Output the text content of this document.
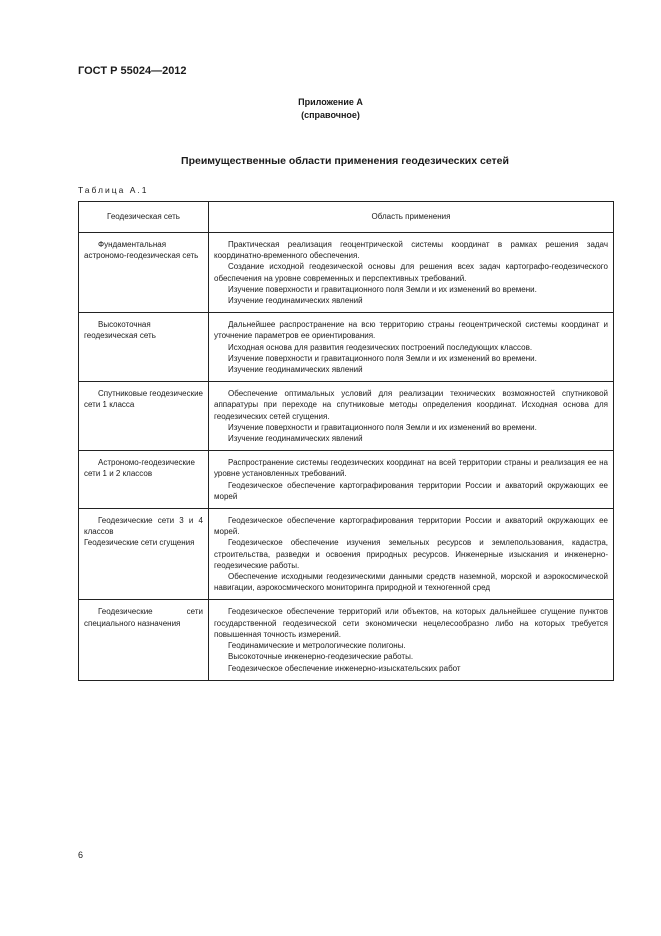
ГОСТ Р 55024—2012
Приложение А
(справочное)
Преимущественные области применения геодезических сетей
Таблица А.1
Геодезическая сеть	Область применения

Фундаментальная астрономо-геодезическая сеть	Практическая реализация геоцентрической системы координат в рамках решения задач координатно-временного обеспечения.
Создание исходной геодезической основы для решения всех задач картографо-геодезического обеспечения на уровне современных и перспективных требований.
Изучение поверхности и гравитационного поля Земли и их изменений во времени.
Изучение геодинамических явлений

Высокоточная геодезическая сеть	Дальнейшее распространение на всю территорию страны геоцентрической системы координат и уточнение параметров ее ориентирования.
Исходная основа для развития геодезических построений последующих классов.
Изучение поверхности и гравитационного поля Земли и их изменений во времени.
Изучение геодинамических явлений

Спутниковые геодезические сети 1 класса	Обеспечение оптимальных условий для реализации технических возможностей спутниковой аппаратуры при переходе на спутниковые методы определения координат. Исходная основа для геодезических сетей сгущения.
Изучение поверхности и гравитационного поля Земли и их изменений во времени.
Изучение геодинамических явлений

Астрономо-геодезические сети 1 и 2 классов	Распространение системы геодезических координат на всей территории страны и реализация ее на уровне установленных требований.
Геодезическое обеспечение картографирования территории России и акваторий окружающих ее морей

Геодезические сети 3 и 4 классов
Геодезические сети сгущения	Геодезическое обеспечение картографирования территории России и акваторий окружающих ее морей.
Геодезическое обеспечение изучения земельных ресурсов и землепользования, кадастра, строительства, разведки и освоения природных ресурсов. Инженерные изыскания и инженерно-геодезические работы.
Обеспечение исходными геодезическими данными средств наземной, морской и аэрокосмической навигации, аэрокосмического мониторинга природной и техногенной сред

Геодезические сети специального назначения	Геодезическое обеспечение территорий или объектов, на которых дальнейшее сгущение пунктов государственной геодезической сети экономически нецелесообразно либо на которых требуется повышенная точность измерений.
Геодинамические и метрологические полигоны.
Высокоточные инженерно-геодезические работы.
Геодезическое обеспечение инженерно-изыскательских работ
6
